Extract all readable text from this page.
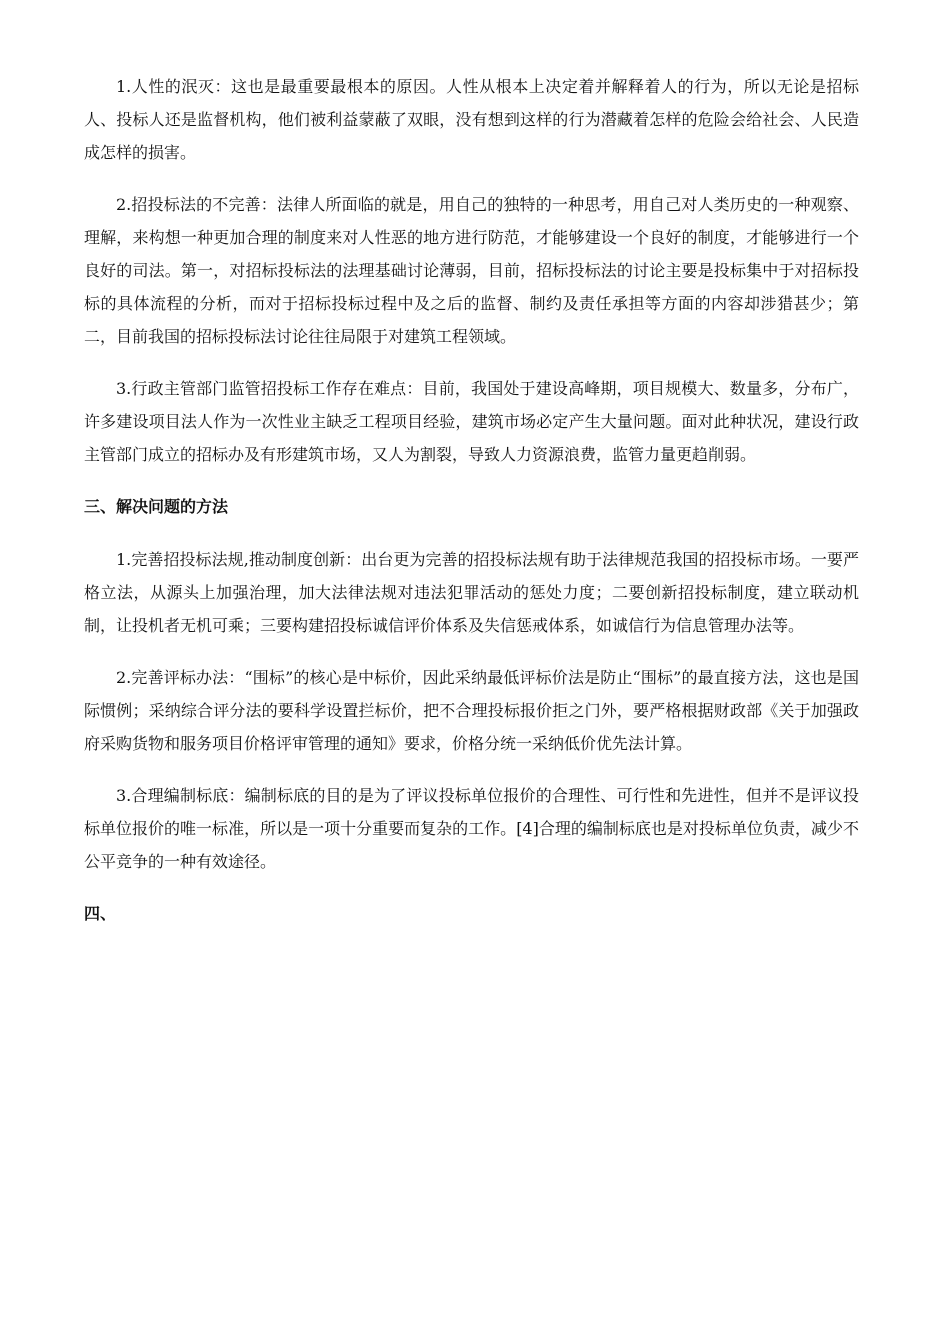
1.人性的泯灭：这也是最重要最根本的原因。人性从根本上决定着并解释着人的行为，所以无论是招标人、投标人还是监督机构，他们被利益蒙蔽了双眼，没有想到这样的行为潜藏着怎样的危险会给社会、人民造成怎样的损害。

2.招投标法的不完善：法律人所面临的就是，用自己的独特的一种思考，用自己对人类历史的一种观察、理解，来构想一种更加合理的制度来对人性恶的地方进行防范，才能够建设一个良好的制度，才能够进行一个良好的司法。第一，对招标投标法的法理基础讨论薄弱，目前，招标投标法的讨论主要是投标集中于对招标投标的具体流程的分析，而对于招标投标过程中及之后的监督、制约及责任承担等方面的内容却涉猎甚少；第二，目前我国的招标投标法讨论往往局限于对建筑工程领域。

3.行政主管部门监管招投标工作存在难点：目前，我国处于建设高峰期，项目规模大、数量多，分布广，许多建设项目法人作为一次性业主缺乏工程项目经验，建筑市场必定产生大量问题。面对此种状况，建设行政主管部门成立的招标办及有形建筑市场，又人为割裂，导致人力资源浪费，监管力量更趋削弱。

三、解决问题的方法

1.完善招投标法规,推动制度创新：出台更为完善的招投标法规有助于法律规范我国的招投标市场。一要严格立法，从源头上加强治理，加大法律法规对违法犯罪活动的惩处力度；二要创新招投标制度，建立联动机制，让投机者无机可乘；三要构建招投标诚信评价体系及失信惩戒体系，如诚信行为信息管理办法等。

2.完善评标办法：“围标”的核心是中标价，因此采纳最低评标价法是防止“围标”的最直接方法，这也是国际惯例；采纳综合评分法的要科学设置拦标价，把不合理投标报价拒之门外，要严格根据财政部《关于加强政府采购货物和服务项目价格评审管理的通知》要求，价格分统一采纳低价优先法计算。

3.合理编制标底：编制标底的目的是为了评议投标单位报价的合理性、可行性和先进性，但并不是评议投标单位报价的唯一标准，所以是一项十分重要而复杂的工作。[4]合理的编制标底也是对投标单位负责，减少不公平竞争的一种有效途径。

四、
